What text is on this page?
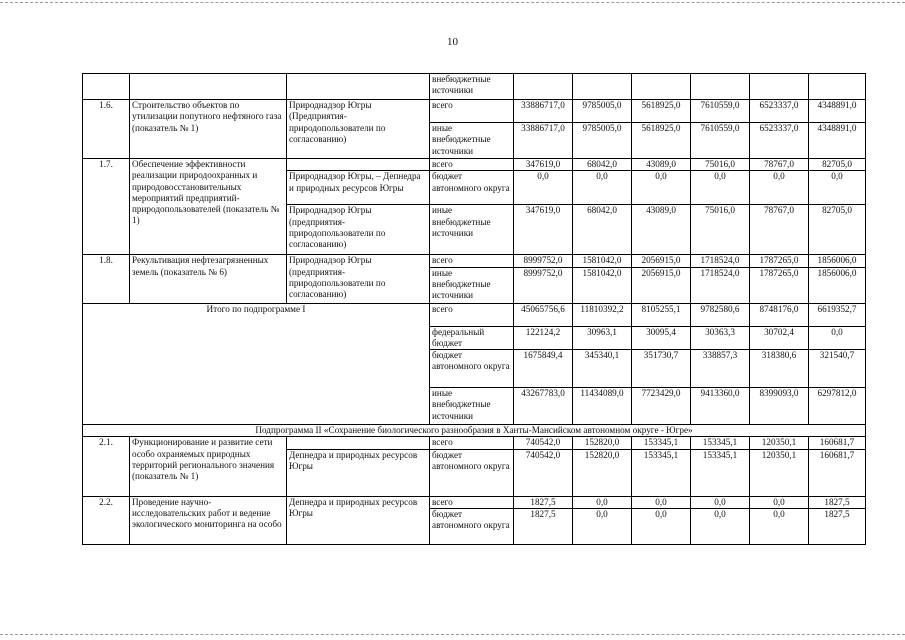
10
			внебюджетные источники						
1.6.	Строительство объектов по утилизации попутного нефтяного газа (показатель № 1)	Природнадзор Югры (Предприятия-природопользователи по согласованию)	всего	33886717,0	9785005,0	5618925,0	7610559,0	6523337,0	4348891,0
			иные внебюджетные источники	33886717,0	9785005,0	5618925,0	7610559,0	6523337,0	4348891,0
1.7.	Обеспечение эффективности реализации природоохранных и природовосстановительных мероприятий предприятий-природопользователей (показатель № 1)		всего	347619,0	68042,0	43089,0	75016,0	78767,0	82705,0
		Природнадзор Югры, – Депнедра и природных ресурсов Югры	бюджет автономного округа	0,0	0,0	0,0	0,0	0,0	0,0
		Природнадзор Югры (предприятия-природопользователи по согласованию)	иные внебюджетные источники	347619,0	68042,0	43089,0	75016,0	78767,0	82705,0
1.8.	Рекультивация нефтезагрязненных земель (показатель № 6)	Природнадзор Югры (предприятия-природопользователи по согласованию)	всего	8999752,0	1581042,0	2056915,0	1718524,0	1787265,0	1856006,0
			иные внебюджетные источники	8999752,0	1581042,0	2056915,0	1718524,0	1787265,0	1856006,0
Итого по подпрограмме I			всего	45065756,6	11810392,2	8105255,1	9782580,6	8748176,0	6619352,7
			федеральный бюджет	122124,2	30963,1	30095,4	30363,3	30702,4	0,0
			бюджет автономного округа	1675849,4	345340,1	351730,7	338857,3	318380,6	321540,7
			иные внебюджетные источники	43267783,0	11434089,0	7723429,0	9413360,0	8399093,0	6297812,0
Подпрограмма II «Сохранение биологического разнообразия в Ханты-Мансийском автономном округе - Югре»									
2.1.	Функционирование и развитие сети особо охраняемых природных территорий регионального значения (показатель № 1)		всего	740542,0	152820,0	153345,1	153345,1	120350,1	160681,7
		Депнедра и природных ресурсов Югры	бюджет автономного округа	740542,0	152820,0	153345,1	153345,1	120350,1	160681,7
2.2.	Проведение научно-исследовательских работ и ведение экологического мониторинга на особо	Депнедра и природных ресурсов Югры	всего	1827,5	0,0	0,0	0,0	0,0	1827,5
			бюджет автономного округа	1827,5	0,0	0,0	0,0	0,0	1827,5
